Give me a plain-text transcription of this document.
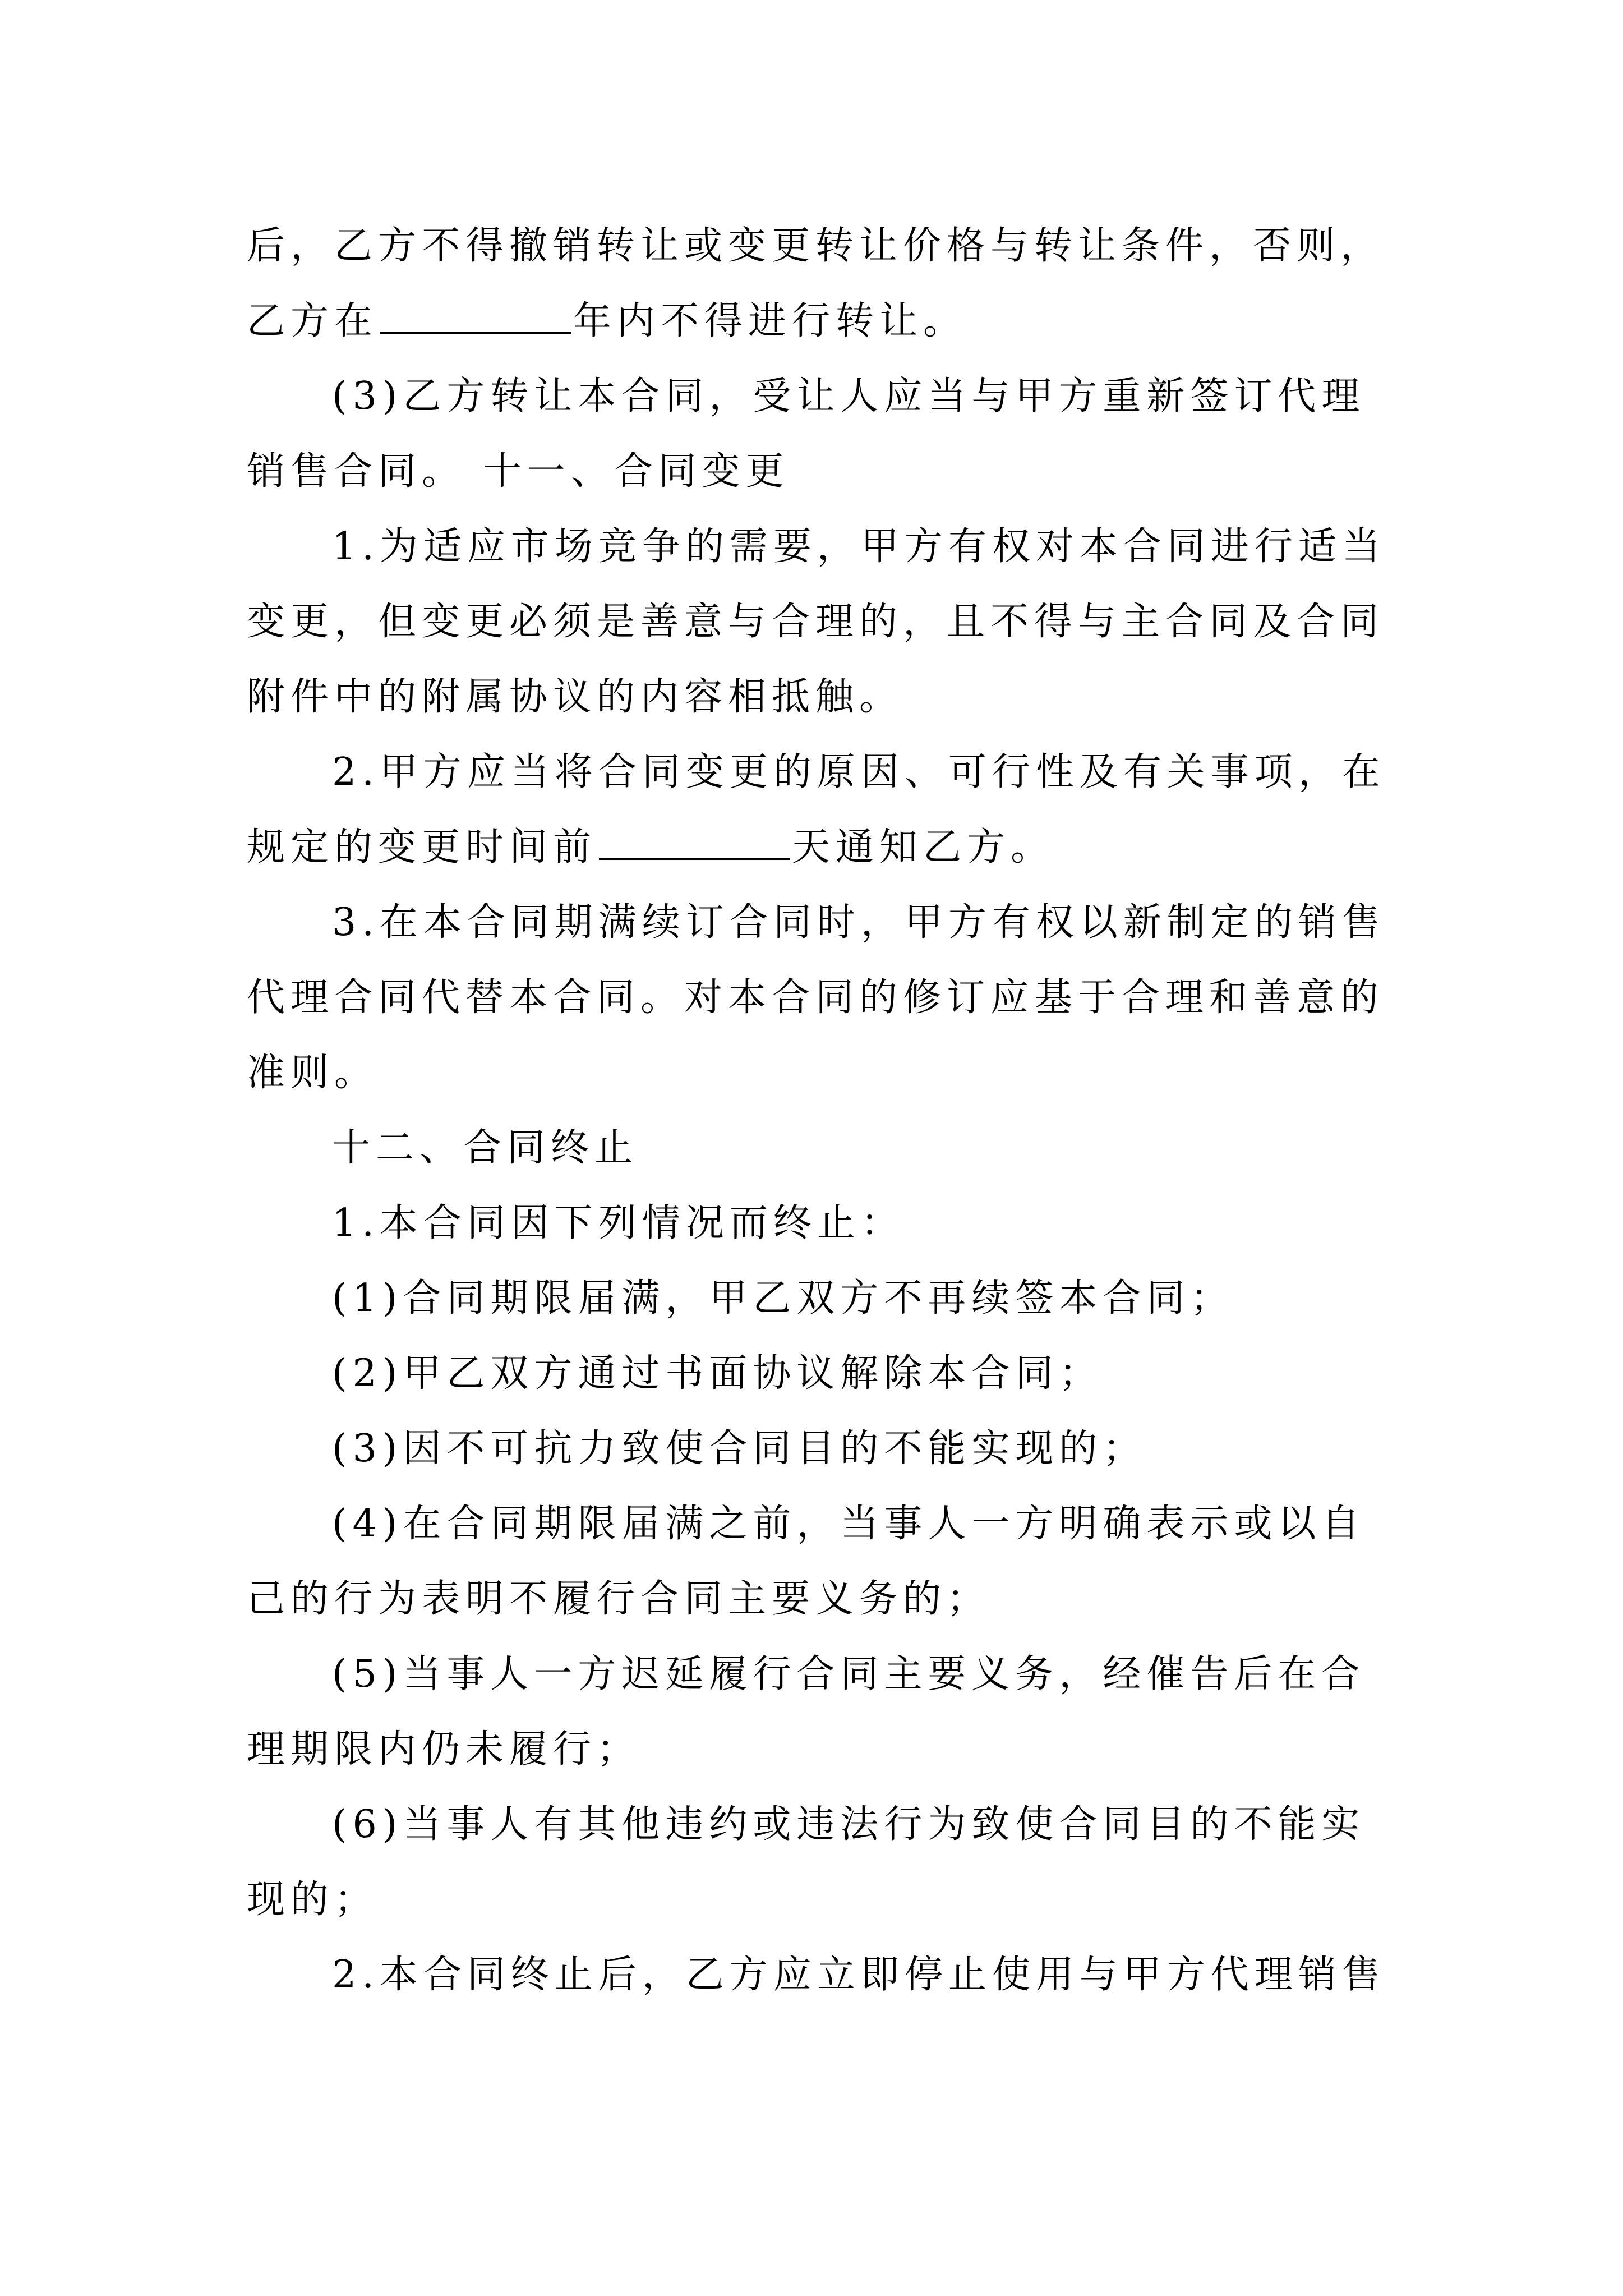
后，乙方不得撤销转让或变更转让价格与转让条件，否则，乙方在	年内不得进行转让。

(3)乙方转让本合同，受让人应当与甲方重新签订代理销售合同。 十一、合同变更

1.为适应市场竞争的需要，甲方有权对本合同进行适当变更，但变更必须是善意与合理的，且不得与主合同及合同附件中的附属协议的内容相抵触。

2.甲方应当将合同变更的原因、可行性及有关事项，在规定的变更时间前	天通知乙方。

3.在本合同期满续订合同时，甲方有权以新制定的销售代理合同代替本合同。对本合同的修订应基于合理和善意的准则。

十二、合同终止

1.本合同因下列情况而终止：

(1)合同期限届满，甲乙双方不再续签本合同；

(2)甲乙双方通过书面协议解除本合同；

(3)因不可抗力致使合同目的不能实现的；

(4)在合同期限届满之前，当事人一方明确表示或以自己的行为表明不履行合同主要义务的；

(5)当事人一方迟延履行合同主要义务，经催告后在合理期限内仍未履行；

(6)当事人有其他违约或违法行为致使合同目的不能实现的；

2.本合同终止后，乙方应立即停止使用与甲方代理销售
